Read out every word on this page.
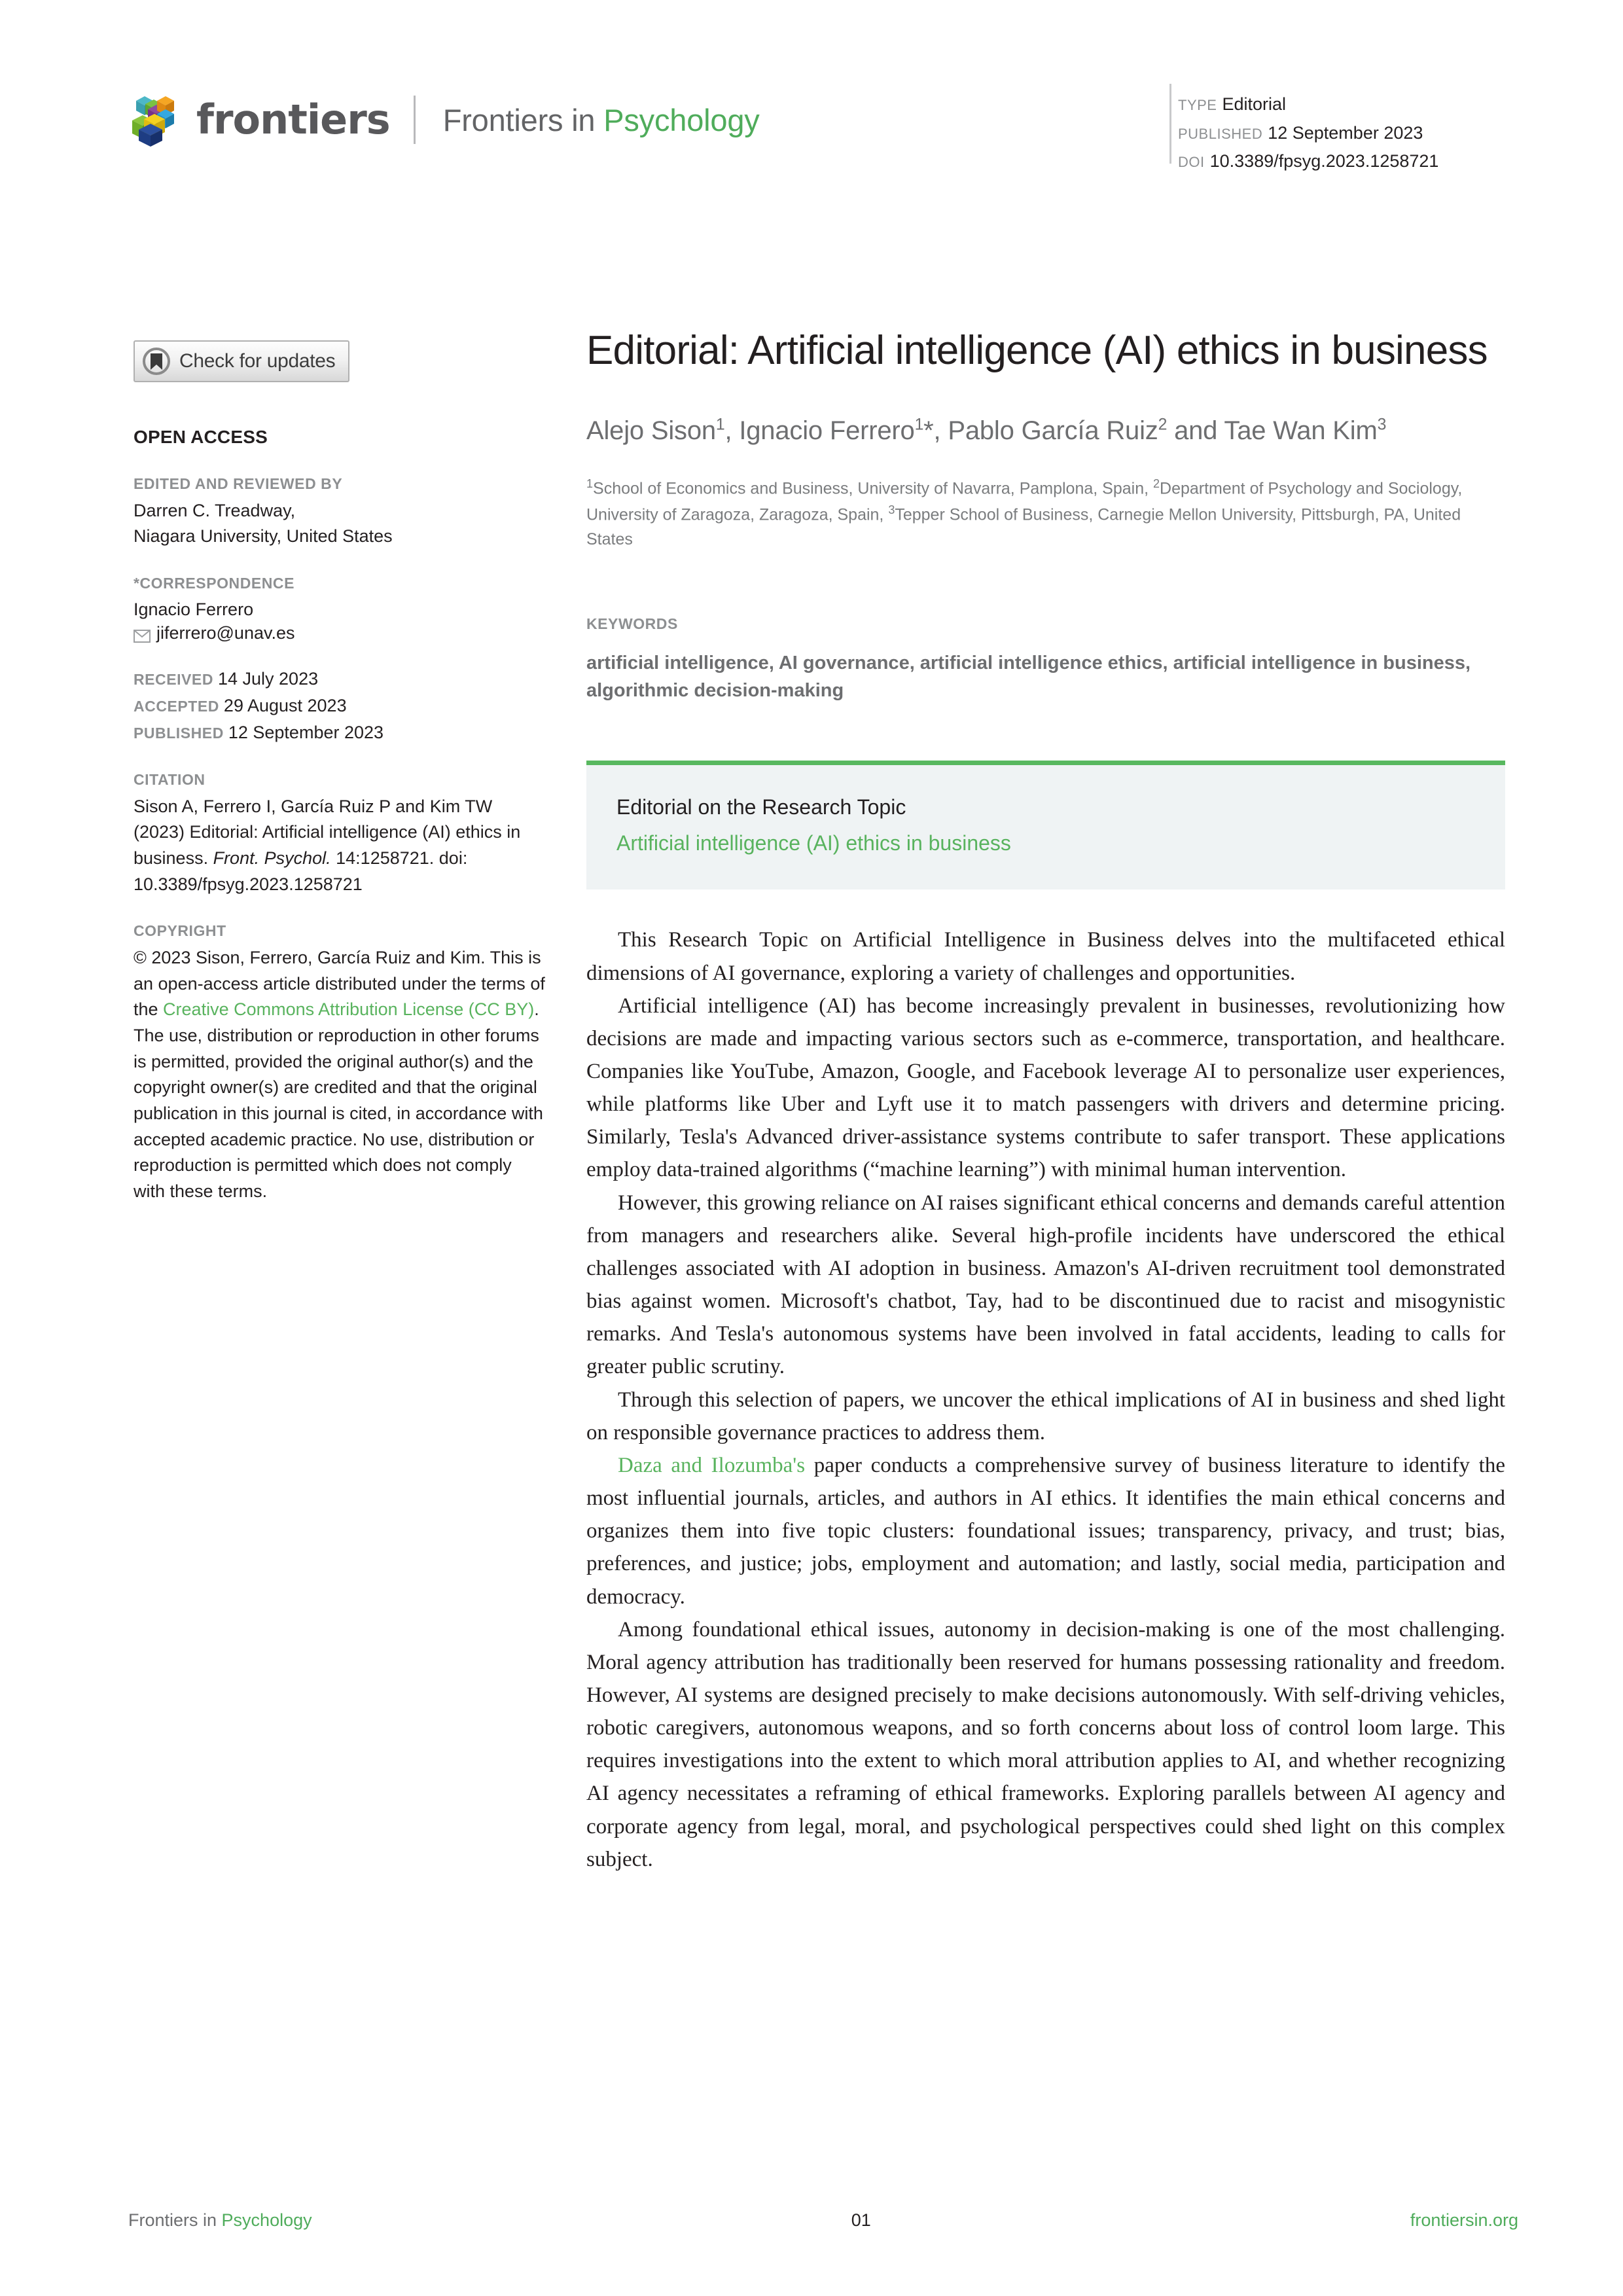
frontiers Frontiers in Psychology	TYPE Editorial
PUBLISHED 12 September 2023
DOI 10.3389/fpsyg.2023.1258721
Check for updates
OPEN ACCESS
EDITED AND REVIEWED BY
Darren C. Treadway,
Niagara University, United States
*CORRESPONDENCE
Ignacio Ferrero
jiferrero@unav.es
RECEIVED 14 July 2023
ACCEPTED 29 August 2023
PUBLISHED 12 September 2023
CITATION
Sison A, Ferrero I, García Ruiz P and Kim TW (2023) Editorial: Artificial intelligence (AI) ethics in business. Front. Psychol. 14:1258721. doi: 10.3389/fpsyg.2023.1258721
COPYRIGHT
© 2023 Sison, Ferrero, García Ruiz and Kim. This is an open-access article distributed under the terms of the Creative Commons Attribution License (CC BY). The use, distribution or reproduction in other forums is permitted, provided the original author(s) and the copyright owner(s) are credited and that the original publication in this journal is cited, in accordance with accepted academic practice. No use, distribution or reproduction is permitted which does not comply with these terms.
Editorial: Artificial intelligence (AI) ethics in business
Alejo Sison$^1$, Ignacio Ferrero$^1$*, Pablo García Ruiz$^2$ and Tae Wan Kim$^3$
$^1$School of Economics and Business, University of Navarra, Pamplona, Spain, $^2$Department of Psychology and Sociology, University of Zaragoza, Zaragoza, Spain, $^3$Tepper School of Business, Carnegie Mellon University, Pittsburgh, PA, United States
KEYWORDS
artificial intelligence, AI governance, artificial intelligence ethics, artificial intelligence in business, algorithmic decision-making
Editorial on the Research Topic
Artificial intelligence (AI) ethics in business

This Research Topic on Artificial Intelligence in Business delves into the multifaceted ethical dimensions of AI governance, exploring a variety of challenges and opportunities.

Artificial intelligence (AI) has become increasingly prevalent in businesses, revolutionizing how decisions are made and impacting various sectors such as e-commerce, transportation, and healthcare. Companies like YouTube, Amazon, Google, and Facebook leverage AI to personalize user experiences, while platforms like Uber and Lyft use it to match passengers with drivers and determine pricing. Similarly, Tesla's Advanced driver-assistance systems contribute to safer transport. These applications employ data-trained algorithms (“machine learning”) with minimal human intervention.

However, this growing reliance on AI raises significant ethical concerns and demands careful attention from managers and researchers alike. Several high-profile incidents have underscored the ethical challenges associated with AI adoption in business. Amazon's AI-driven recruitment tool demonstrated bias against women. Microsoft's chatbot, Tay, had to be discontinued due to racist and misogynistic remarks. And Tesla's autonomous systems have been involved in fatal accidents, leading to calls for greater public scrutiny.

Through this selection of papers, we uncover the ethical implications of AI in business and shed light on responsible governance practices to address them.

Daza and Ilozumba's paper conducts a comprehensive survey of business literature to identify the most influential journals, articles, and authors in AI ethics. It identifies the main ethical concerns and organizes them into five topic clusters: foundational issues; transparency, privacy, and trust; bias, preferences, and justice; jobs, employment and automation; and lastly, social media, participation and democracy.

Among foundational ethical issues, autonomy in decision-making is one of the most challenging. Moral agency attribution has traditionally been reserved for humans possessing rationality and freedom. However, AI systems are designed precisely to make decisions autonomously. With self-driving vehicles, robotic caregivers, autonomous weapons, and so forth concerns about loss of control loom large. This requires investigations into the extent to which moral attribution applies to AI, and whether recognizing AI agency necessitates a reframing of ethical frameworks. Exploring parallels between AI agency and corporate agency from legal, moral, and psychological perspectives could shed light on this complex subject.

Frontiers in Psychology	01	frontiersin.org
